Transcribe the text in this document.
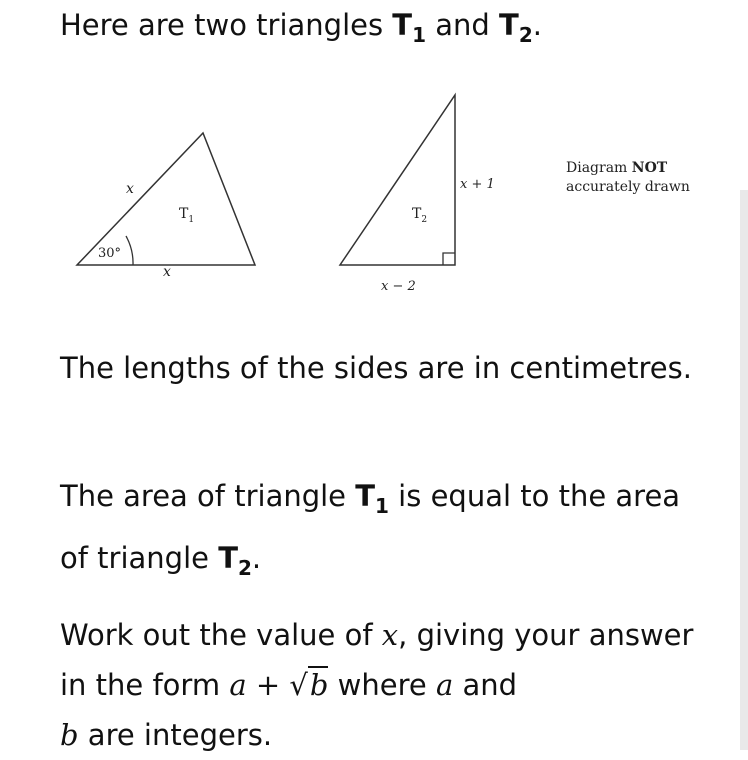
Here are two triangles $T_1$ and $T_2$.

30°
x
x
$T_1$	$T_2$
x + 1
x − 2
Diagram NOT
accurately drawn

The lengths of the sides are in centimetres.

The area of triangle $T_1$ is equal to the area of triangle $T_2$.

Work out the value of x, giving your answer in the form a + √b where a and
b are integers.
